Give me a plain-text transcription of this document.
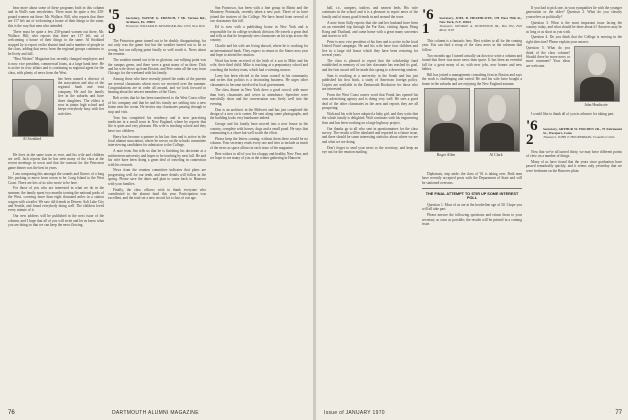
hear more about some of these programs both in this column and in Wall's sum newsletters. There must be quite a few 250-pound women out there, Mr. Wallace. Bill, who reports that there are 117 left out of welcoming a house of their things to the same, this is the way that men who attended.

There must be quite a few 250-pound women out there, Mr. Wallace. Bill, who reports that there are 117 left, out of welcoming a house of their things to the same. Al Stoddard stopped by to report on the alumni fund and a number of people in the class, adding that news from the regional groups continues to be lively and full.

"Best Wishes" Magazine has recently changed employers and is now vice president, commercial loans, at a large bank here. He is active in civic affairs and is continuing as regional agent for the class, with plenty of news from the West.

Al Stoddard
has been named a director of the association and also of the regional bank and trust company. He and his family live in the suburbs and have three daughters. The eldest is now in junior high school and keeps everybody busy with her activities.

He lives in the same town as ever, and his wife and children are well. Jack reports that he has seen many of the class at the recent meetings in town and that the turnout for the Princeton game dinner was the best in years.

I am composing this amongst the sounds and flavors of a long life, packing to move from ocean to be. Long Island to the West Coast. There are lots of us who wrote to be here.

For those of you who are interested in what we do in the summer, the family spent two months touring the national parks of the West, covering more than eight thousand miles in a station wagon with a trailer. We saw old friends in Denver, Salt Lake City and Seattle, and found everybody doing well. The children loved every minute of it.

Our new address will be published in the next issue of the column, and I hope that all of you will write and let us know what you are doing so that we can keep the news flowing.

'59
Secretary, WAYNE G. FRENCH, 7 Mt. Vernon Rd., Ardmore, Pa. 19003
Treasurer, WILLIAM D. KISSINGER, Box 1370, New York

The Princeton game turned out to be doubly disappointing, for not only was the game lost but the weather turned out to be so wrong, but our rallying point finally so well worth it. News about the reunion.

The weather turned out to be so glorious, our rallying point was the campus green, and there were a great many of us there. Dick and his wife drove up from Boston, and Pete came all the way from Chicago for the weekend with his family.

Among those who have recently joined the ranks of the parents are several classmates whose news we received over the summer. Congratulations are in order all around, and we look forward to hearing about the newest members of the Class.

Bob writes that he has been transferred to the West Coast office of his company and that he and his family are settling into a new home near the ocean. He invites any classmates passing through to stop and visit.

Tom has completed his residency and is now practicing medicine in a small town in New England, where he reports that life is quiet and very pleasant. His wife is teaching school and they have two children.

Harry has become a partner in his law firm and is active in the local alumni association, where he serves on the schools committee interviewing candidates for admission to the College.

A note from Jim tells us that he is finishing his doctorate at a midwestern university and hopes to be teaching by next fall. He and his wife have been doing a great deal of traveling in connection with his research.

News from the reunion committee indicates that plans are progressing well for our tenth, and more details will follow in the spring. Please save the dates and plan to come back to Hanover with your families.

Finally, the class officers wish to thank everyone who contributed to the alumni fund this year. Participation was excellent, and the total set a new record for a class of our age.

San Francisco, has been with a fine group in Marin and the Monterey Peninsula, recently taken a new post. Three of us have joined the trustees of the College. We have heard from several of our classmates this fall.

Ed is now with a publishing house in New York and is responsible for its college textbook division. He travels a great deal and tells us that he frequently sees classmates on his trips across the country.

Charlie and his wife are living abroad, where he is working for an international bank. They expect to return to the States next year and hope to attend the reunion.

Word has been received of the birth of a son to Mike and his wife, their third child. Mike is teaching at a preparatory school and coaching the hockey team, which had a winning season.

Larry has been elected to the town council in his community and writes that politics is a fascinating business. He urges other classmates to become involved in local government.

The class dinner in New York drew a good crowd, with more than forty classmates and wives in attendance. Speeches were mercifully short and the conversation was lively well into the evening.

Don is an architect in the Midwest and has just completed the design of a new civic center. He sent along some photographs, and the building looks very handsome indeed.

George and his family have moved into a new house in the country, complete with horses, dogs and a small pond. He says that commuting is a chore but well worth the effort.

Please keep the letters coming; without them there would be no column. Your secretary reads every one and tries to include as much of the news as space allows in each issue of the magazine.

Best wishes to all of you for a happy and healthy New Year, and we hope to see many of you at the winter gathering in Hanover.

76	DARTMOUTH ALUMNI MAGAZINE

ball, i.e., campers, trailers, and nearest beds. His wife continues in the school and it is a pleasure to report news of the family and of many good friends in and around the town.

A note from Sally reports that she and her husband have been on an extended trip through the Far East, visiting Japan, Hong Kong and Thailand, and came home with a great many souvenirs and stories to tell.

Peter is now vice president of his firm and is active in the local United Fund campaign. He and his wife have four children and live in a large old house which they have been restoring for several years.

The class is pleased to report that the scholarship fund established in memory of our late classmate has reached its goal, and the first award will be made this spring to a deserving student.

Sam is teaching at a university in the South and has just published his first book, a study of American foreign policy. Copies are available in the Dartmouth Bookstore for those who are interested.

From the West Coast comes word that Frank has opened his own advertising agency and is doing very well. He sees a good deal of the other classmates in the area and reports they are all prospering.

Walt and his wife have adopted a baby girl, and they write that the whole family is delighted. Walt continues with his engineering firm and has been working on a large highway project.

Our thanks go to all who sent in questionnaires for the class survey. The results will be tabulated and reported in a future issue, and there should be some interesting statistics about where we are and what we are doing.

Don't forget to send your news to the secretary, and keep an eye out for the reunion mailing.

'61
Secretary, JOEL B. HEATHCOTE, 178 West 78th St., New York, N.Y. 10024
Treasurer, GEORGE A. DOWNSTON JR., Box 952, Fall River, N.H.

This column is a fantastic lens. Best wishes to all for the coming year. You can find a recap of the class news in the columns that follow.

Two months ago I turned actually sat down to write a column and found that there was more news than space. It has been an eventful fall for a great many of us, with new jobs, new homes and new babies.

Bill has joined a management consulting firm in Boston and says the work is challenging and varied. He and his wife have bought a home in the suburbs and are enjoying the New England autumn.

Roger Allen	Al Clark

Diplomats, step aside: the class of '61 is taking over. Both men have recently accepted posts with the Department of State and will be stationed overseas.

THE FINAL ATTEMPT TO STIR UP SOME INTEREST POLL

Question 1. Most of us are at the borderline age of 30. I hope you will all take part.

Please answer the following questions and return them to your secretary as soon as possible; the results will be printed in a coming issue.

If you had to pick one, in your sympathies lie with the younger generation or the older? Question 2. What do you classify yourselves as politically?

Question 3. What is the most important issue facing the country today, and what should be done about it? Answers may be as long or as short as you wish.

Question 4. Do you think that the College is moving in the right direction? Please explain your answer.

John Heathcote
Question 5. What do you think of the class column? Should there be more news or more comment? Your ideas are welcome.

I would like to thank all of you in advance for taking part.

'62
Secretary, ARTHUR W. HOLDEN JR., 75 Fairmount St., Westport, Conn.
Treasurer, JOHN T. HOOPERMAN, 9 Garden Circle

Now that we've all turned thirty, we may have different points of view on a number of things.

Many of us have found that the years since graduation have passed remarkably quickly, and it seems only yesterday that we were freshmen on the Hanover plain.

Issue of JANUARY 1970	77
